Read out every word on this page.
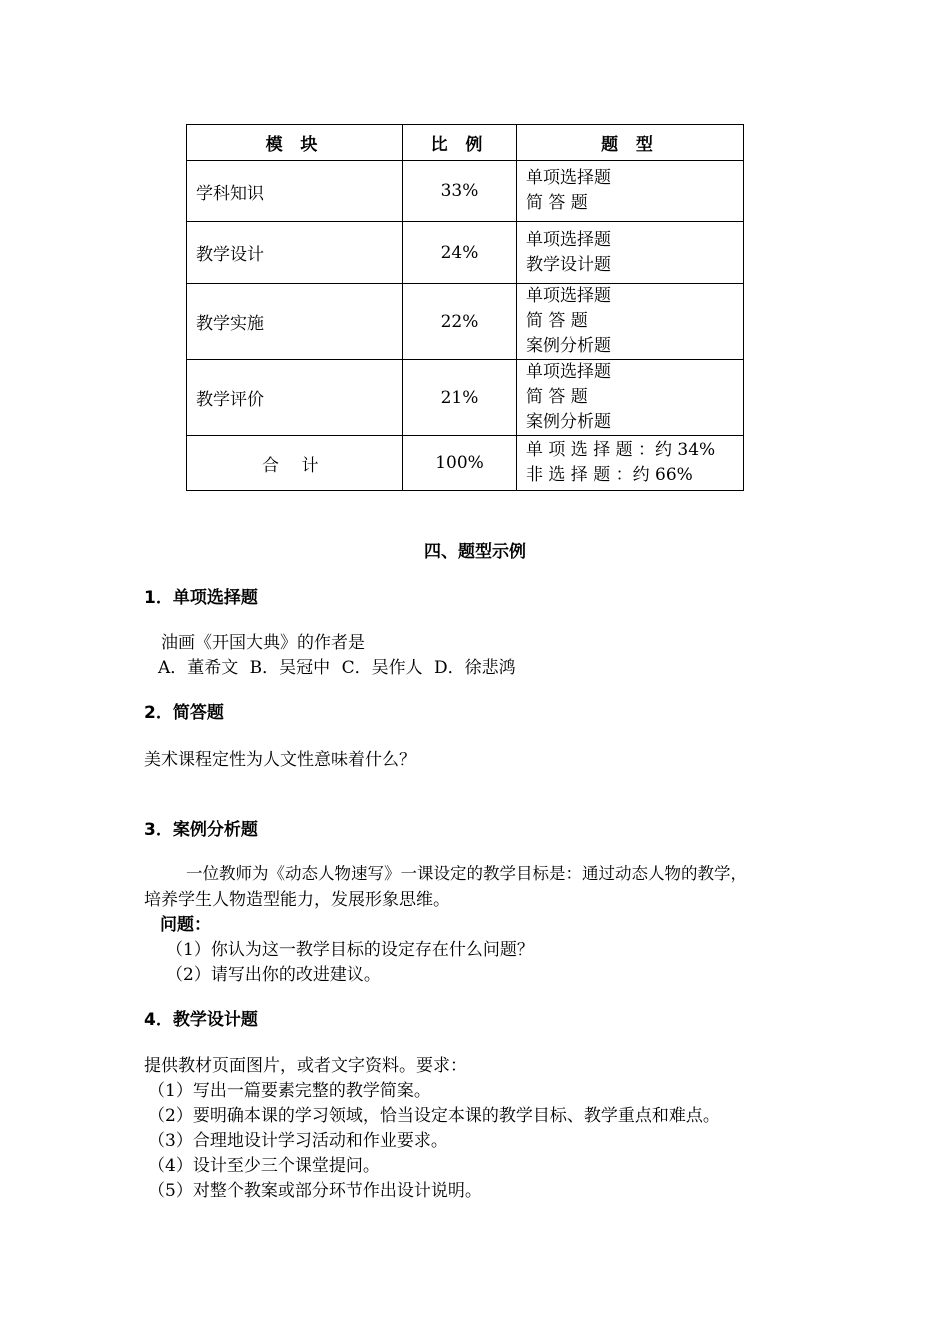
模 块	比 例	题 型
学科知识	33%	单项选择题
简 答 题

教学设计	24%	单项选择题
教学设计题

教学实施	22%	单项选择题
简 答 题
案例分析题

教学评价	21%	单项选择题
简 答 题
案例分析题

合 计	100%	单 项 选 择 题 ：约 34%
非 选 择 题 ：约 66%
四、题型示例
1．单项选择题
油画《开国大典》的作者是
A．董希文 B．吴冠中 C．吴作人 D．徐悲鸿
2．简答题
美术课程定性为人文性意味着什么？
3．案例分析题
一位教师为《动态人物速写》一课设定的教学目标是：通过动态人物的教学，
培养学生人物造型能力，发展形象思维。
问题：
（1）你认为这一教学目标的设定存在什么问题？
（2）请写出你的改进建议。
4．教学设计题
提供教材页面图片，或者文字资料。要求：
（1）写出一篇要素完整的教学简案。
（2）要明确本课的学习领域，恰当设定本课的教学目标、教学重点和难点。
（3）合理地设计学习活动和作业要求。
（4）设计至少三个课堂提问。
（5）对整个教案或部分环节作出设计说明。
